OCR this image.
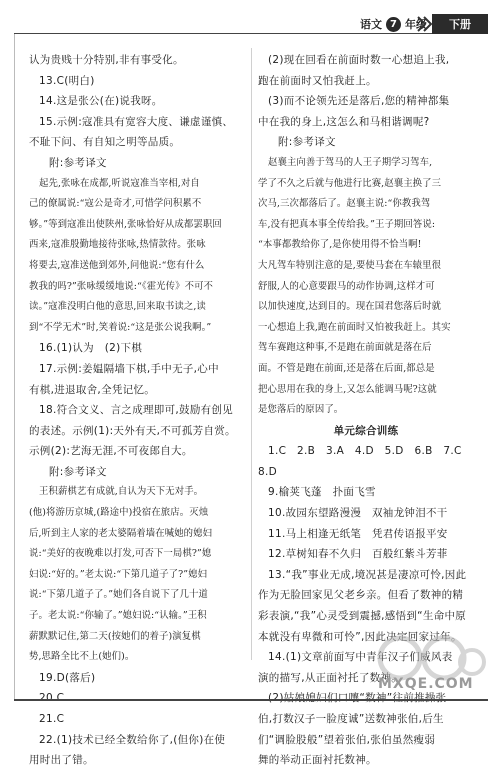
语文 7 年级	下册
认为贵贱十分特别,非有事受化。
13.C(明白)
14.这是张公(在)说我呀。
15.示例:寇准具有宽容大度、谦虚谨慎、
不耻下问、有自知之明等品质。
附:参考译文
起先,张咏在成都,听说寇准当宰相,对自
己的僚属说:“寇公是奇才,可惜学问积累不
够。”等到寇准出使陕州,张咏恰好从成都罢职回
西来,寇准殷勤地接待张咏,热情款待。张咏
将要去,寇准送他到郊外,问他说:“您有什么
教我的吗?”张咏缓缓地说:“《霍光传》不可不
读。”寇准没明白他的意思,回来取书读之,读
到“不学无术”时,笑着说:“这是张公说我啊。”
16.(1)认为　(2)下棋
17.示例:姜媪隔墙下棋,手中无子,心中
有棋,进退取舍,全凭记忆。
18.符合文义、言之成理即可,鼓励有创见
的表述。示例(1):天外有天,不可孤芳自赏。
示例(2):艺海无涯,不可夜郎自大。
附:参考译文
王积薪棋艺有成就,自认为天下无对手。
(他)将游历京城,(路途中)投宿在旅店。灭烛
后,听到主人家的老太婆隔着墙在喊她的媳妇
说:“美好的夜晚难以打发,可否下一局棋?”媳
妇说:“好的。”老太说:“下第几道子了?”媳妇
说:“下第几道子了。”她们各自说下了几十道
子。老太说:“你输了。”媳妇说:“认输。”王积
薪默默记住,第二天(按她们的着子)演复棋
势,思路全比不上(她们)。
19.D(落后)
21.C
22.(1)技术已经全数给你了,(但你)在使
用时出了错。
(2)现在回看在前面时数一心想追上我,
跑在前面时又怕我赶上。
(3)而不论领先还是落后,您的精神都集
中在我的身上,这怎么和马相谐调呢?
附:参考译文
赵襄主向善于驾马的人王子期学习驾车,
学了不久之后就与他进行比赛,赵襄主换了三
次马,三次都落后了。赵襄主说:“你教我驾
车,没有把真本事全传给我。”王子期回答说:
“本事都教给你了,是你使用得不恰当啊!
大凡驾车特别注意的是,要使马套在车辕里很
舒服,人的心意要跟马的动作协调,这样才可
以加快速度,达到目的。现在国君您落后时就
一心想追上我,跑在前面时又怕被我赶上。其实
驾车赛跑这种事,不是跑在前面就是落在后
面。不管是跑在前面,还是落在后面,都总是
把心思用在我的身上,又怎么能调马呢?这就
是您落后的原因了。
单元综合训练
1.C　2.B　3.A　4.D　5.D　6.B　7.C
8.D
9.榆荚飞蓬　扑面飞雪
10.故园东望路漫漫　双袖龙钟泪不干
11.马上相逢无纸笔　凭君传语报平安
12.草树知春不久归　百般红紫斗芳菲
13.“我”事业无成,境况甚是凄凉可怜,因此
作为无脸回家见父老乡亲。但看了数神的精
彩表演,“我”心灵受到震撼,感悟到“生命中原
本就没有卑微和可怜”,因此决定回家过年。
14.(1)文章前面写中青年汉子们威风表
演的描写,从正面衬托了数神。
伯,打数汉子一脸度诚”送数神张伯,后生
们“调脸股般”望着张伯,张伯虽然瘦弱
舞的举动正面衬托数神。
MXQE.COM
